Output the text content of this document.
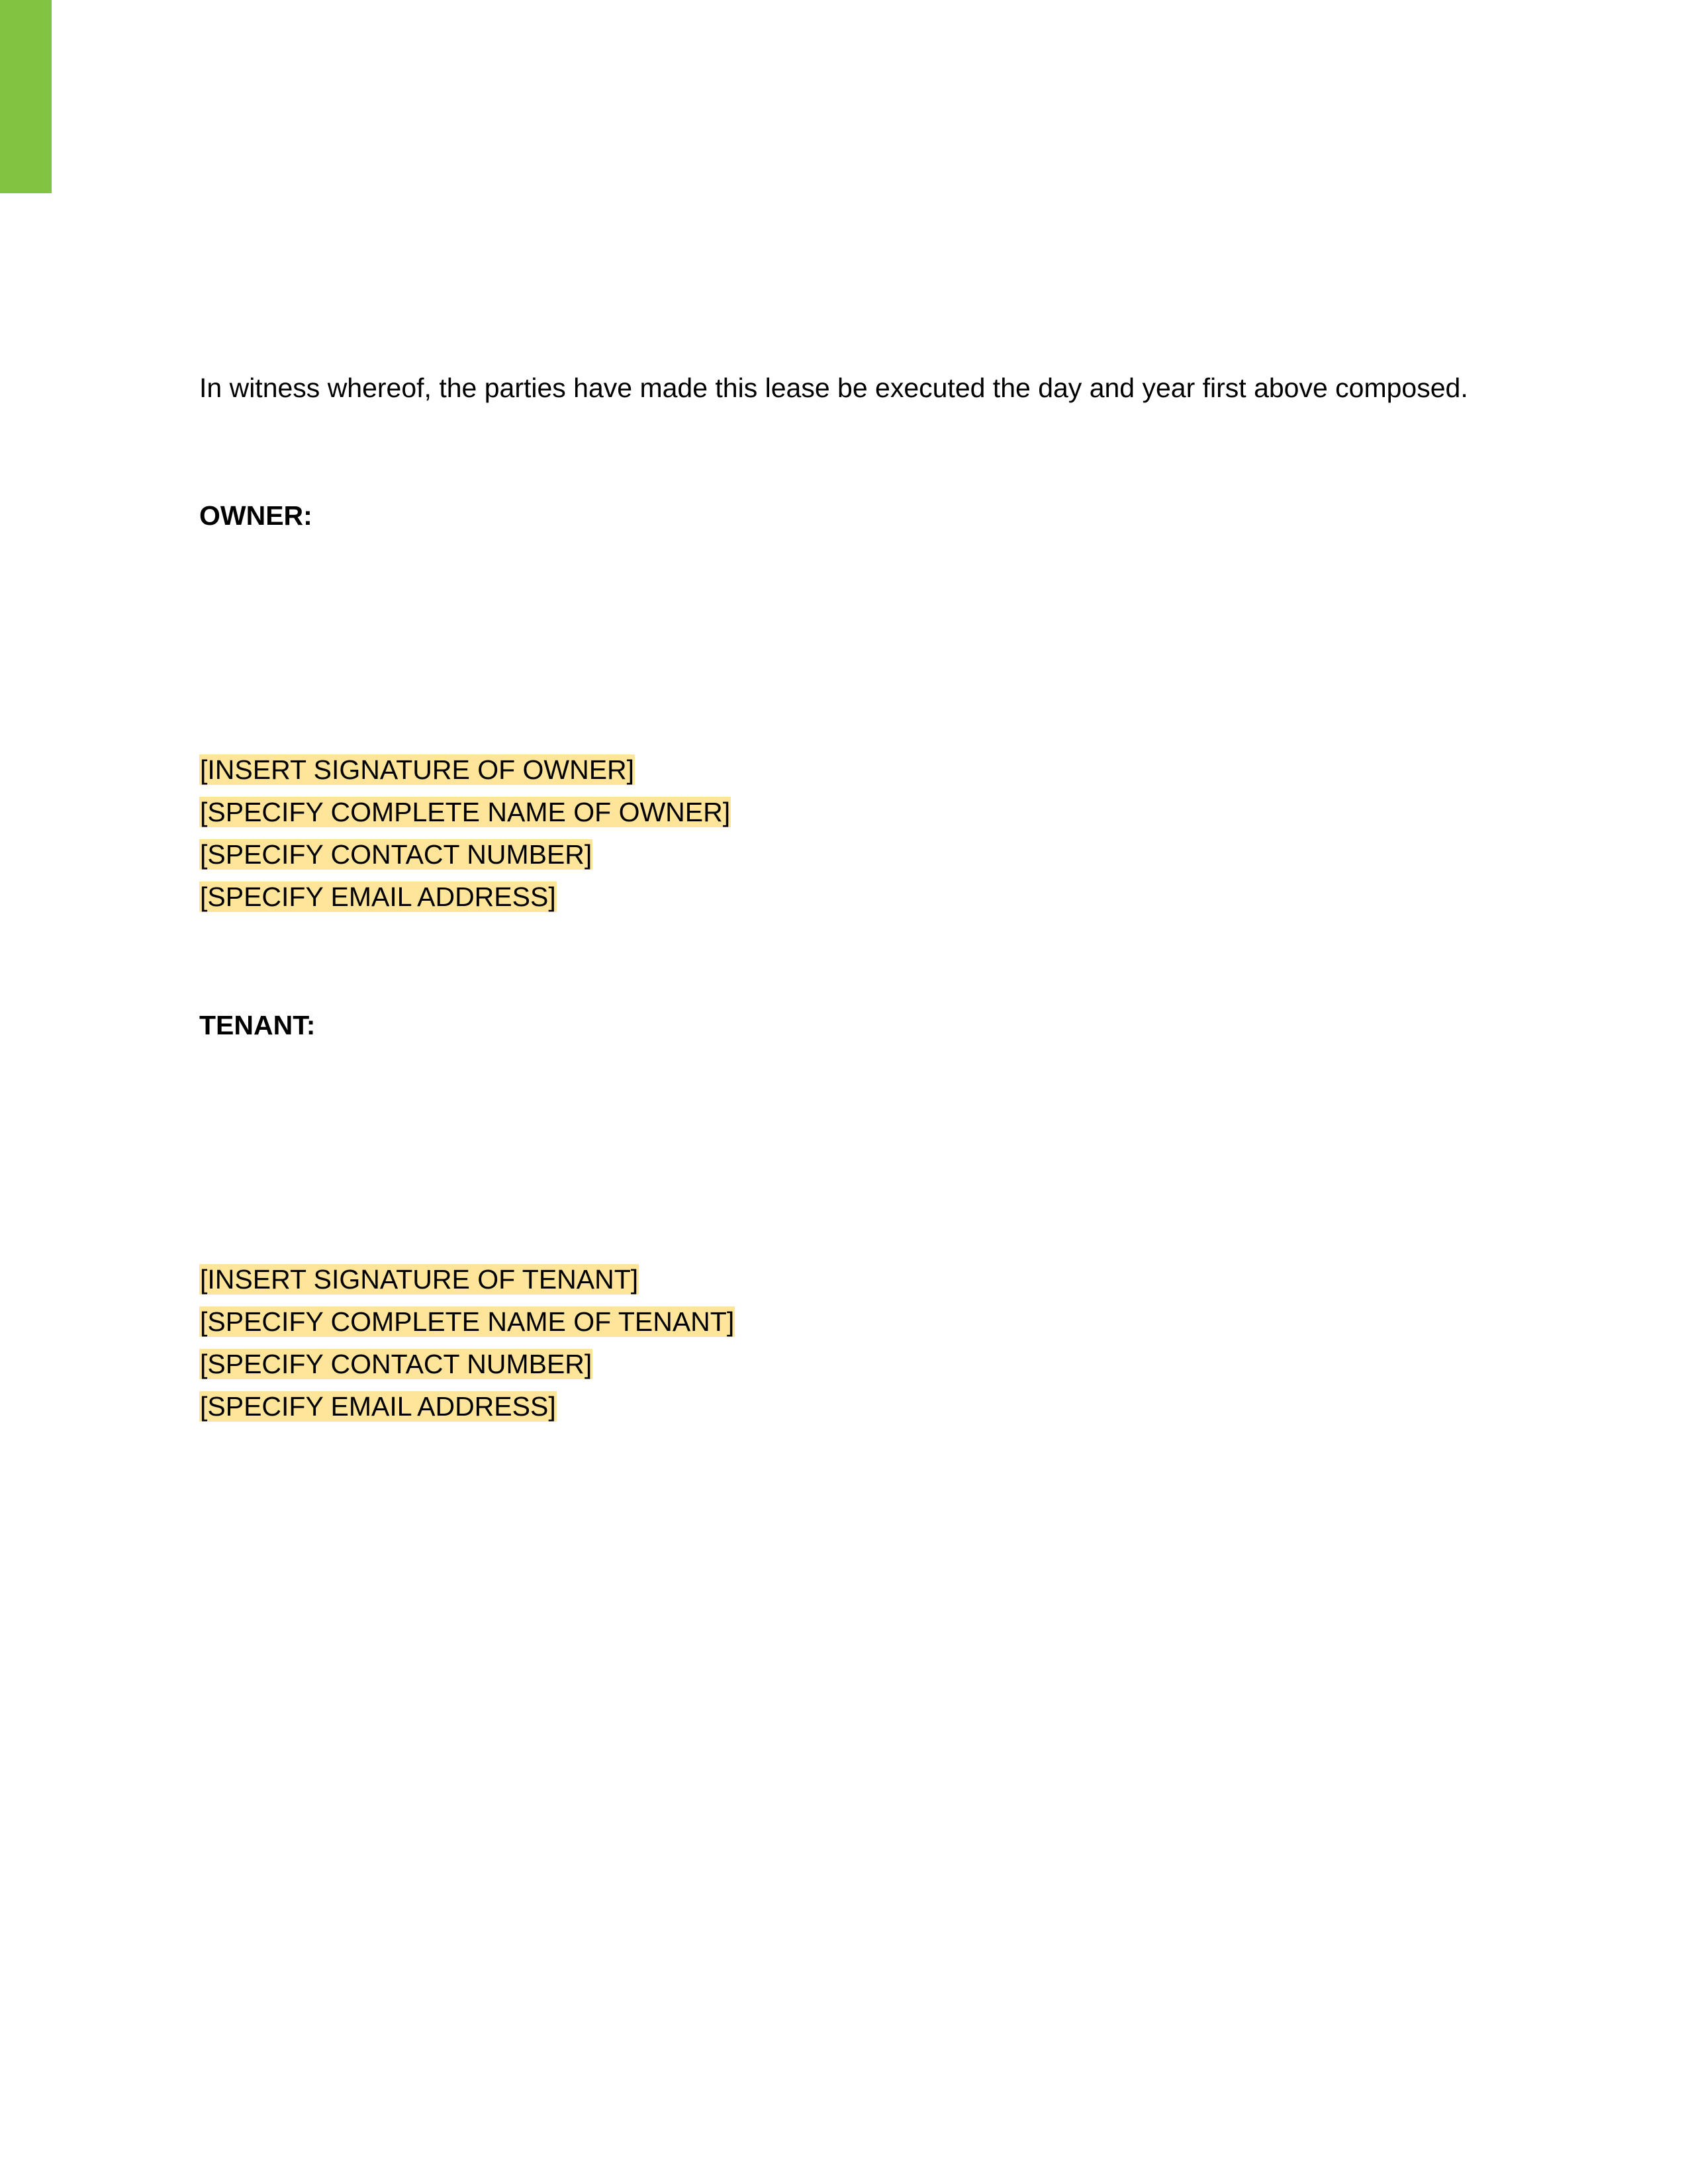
In witness whereof, the parties have made this lease be executed the day and year first above composed.
OWNER:
[INSERT SIGNATURE OF OWNER]
[SPECIFY COMPLETE NAME OF OWNER]
[SPECIFY CONTACT NUMBER]
[SPECIFY EMAIL ADDRESS]
TENANT:
[INSERT SIGNATURE OF TENANT]
[SPECIFY COMPLETE NAME OF TENANT]
[SPECIFY CONTACT NUMBER]
[SPECIFY EMAIL ADDRESS]
